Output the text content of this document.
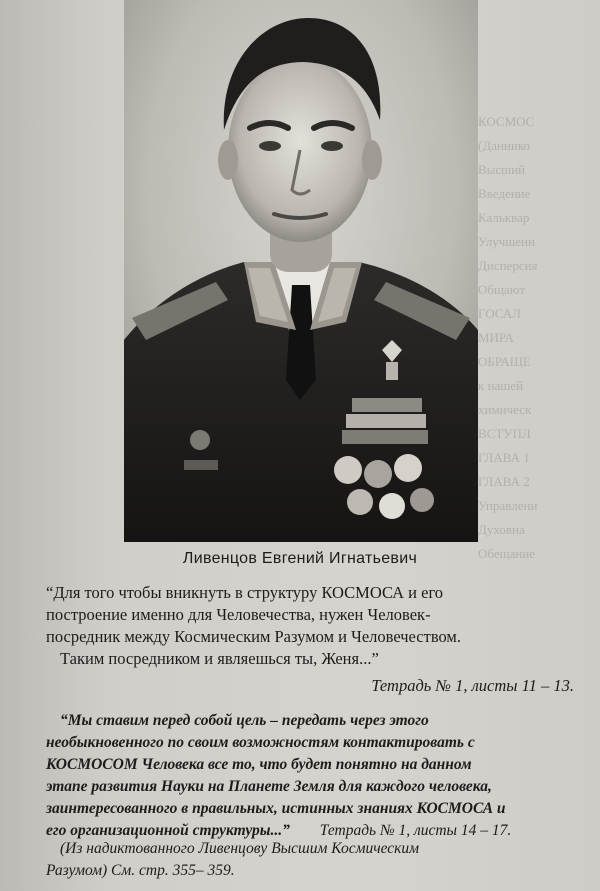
КОСМОС
(Даннико
Высший
Введение
Кальквар
Улучшенн
Дисперсия
Общают
ГОСАЛ
МИРА
ОБРАЩЕ
к нашей
химическ
ВСТУПЛ
ГЛАВА 1
ГЛАВА 2
Управлени
Духовна
Обещание
Ливенцов Евгений Игнатьевич
“Для того чтобы вникнуть в структуру КОСМОСА и его
построение именно для Человечества, нужен Человек-
посредник между Космическим Разумом и Человечеством.
Таким посредником и являешься ты, Женя...”
Тетрадь № 1, листы 11 – 13.
“Мы ставим перед собой цель – передать через этого
необыкновенного по своим возможностям контактировать с
КОСМОСОМ Человека все то, что будет понятно на данном
этапе развития Науки на Планете Земля для каждого человека,
заинтересованного в правильных, истинных знаниях КОСМОСА и
его организационной структуры...” Тетрадь № 1, листы 14 – 17.
(Из надиктованного Ливенцову Высшим Космическим
Разумом) См. стр. 355– 359.
